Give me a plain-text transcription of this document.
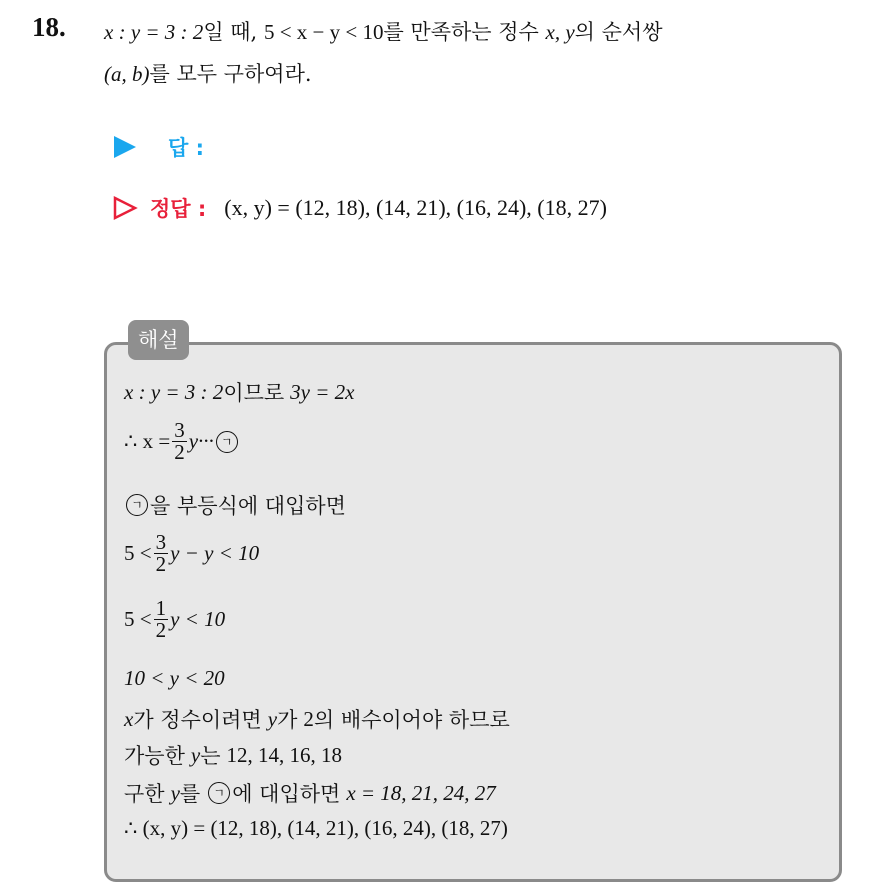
18. x : y = 3 : 2일 때, 5 < x − y < 10를 만족하는 정수 x, y의 순서쌍
(a, b)를 모두 구하여라.
답 :
정답 : (x, y) = (12, 18), (14, 21), (16, 24), (18, 27)
해설
x : y = 3 : 2 이므로 3y = 2x
∴ $x = \frac{3}{2} y\cdot\cdot\cdot$ ㄱ
ㄱ 을 부등식에 대입하면
$5 < \frac{3}{2}$ y − y < 10
$5 < \frac{1}{2}$ y < 10
10 < y < 20
x 가 정수이려면 y 가 2 의 배수이어야 하므로
가능한 y 는 12, 14, 16, 18
구한 y 를	ㄱ 에 대입하면 x = 18, 21, 24, 27
∴ (x, y) = (12, 18), (14, 21), (16, 24), (18, 27)
